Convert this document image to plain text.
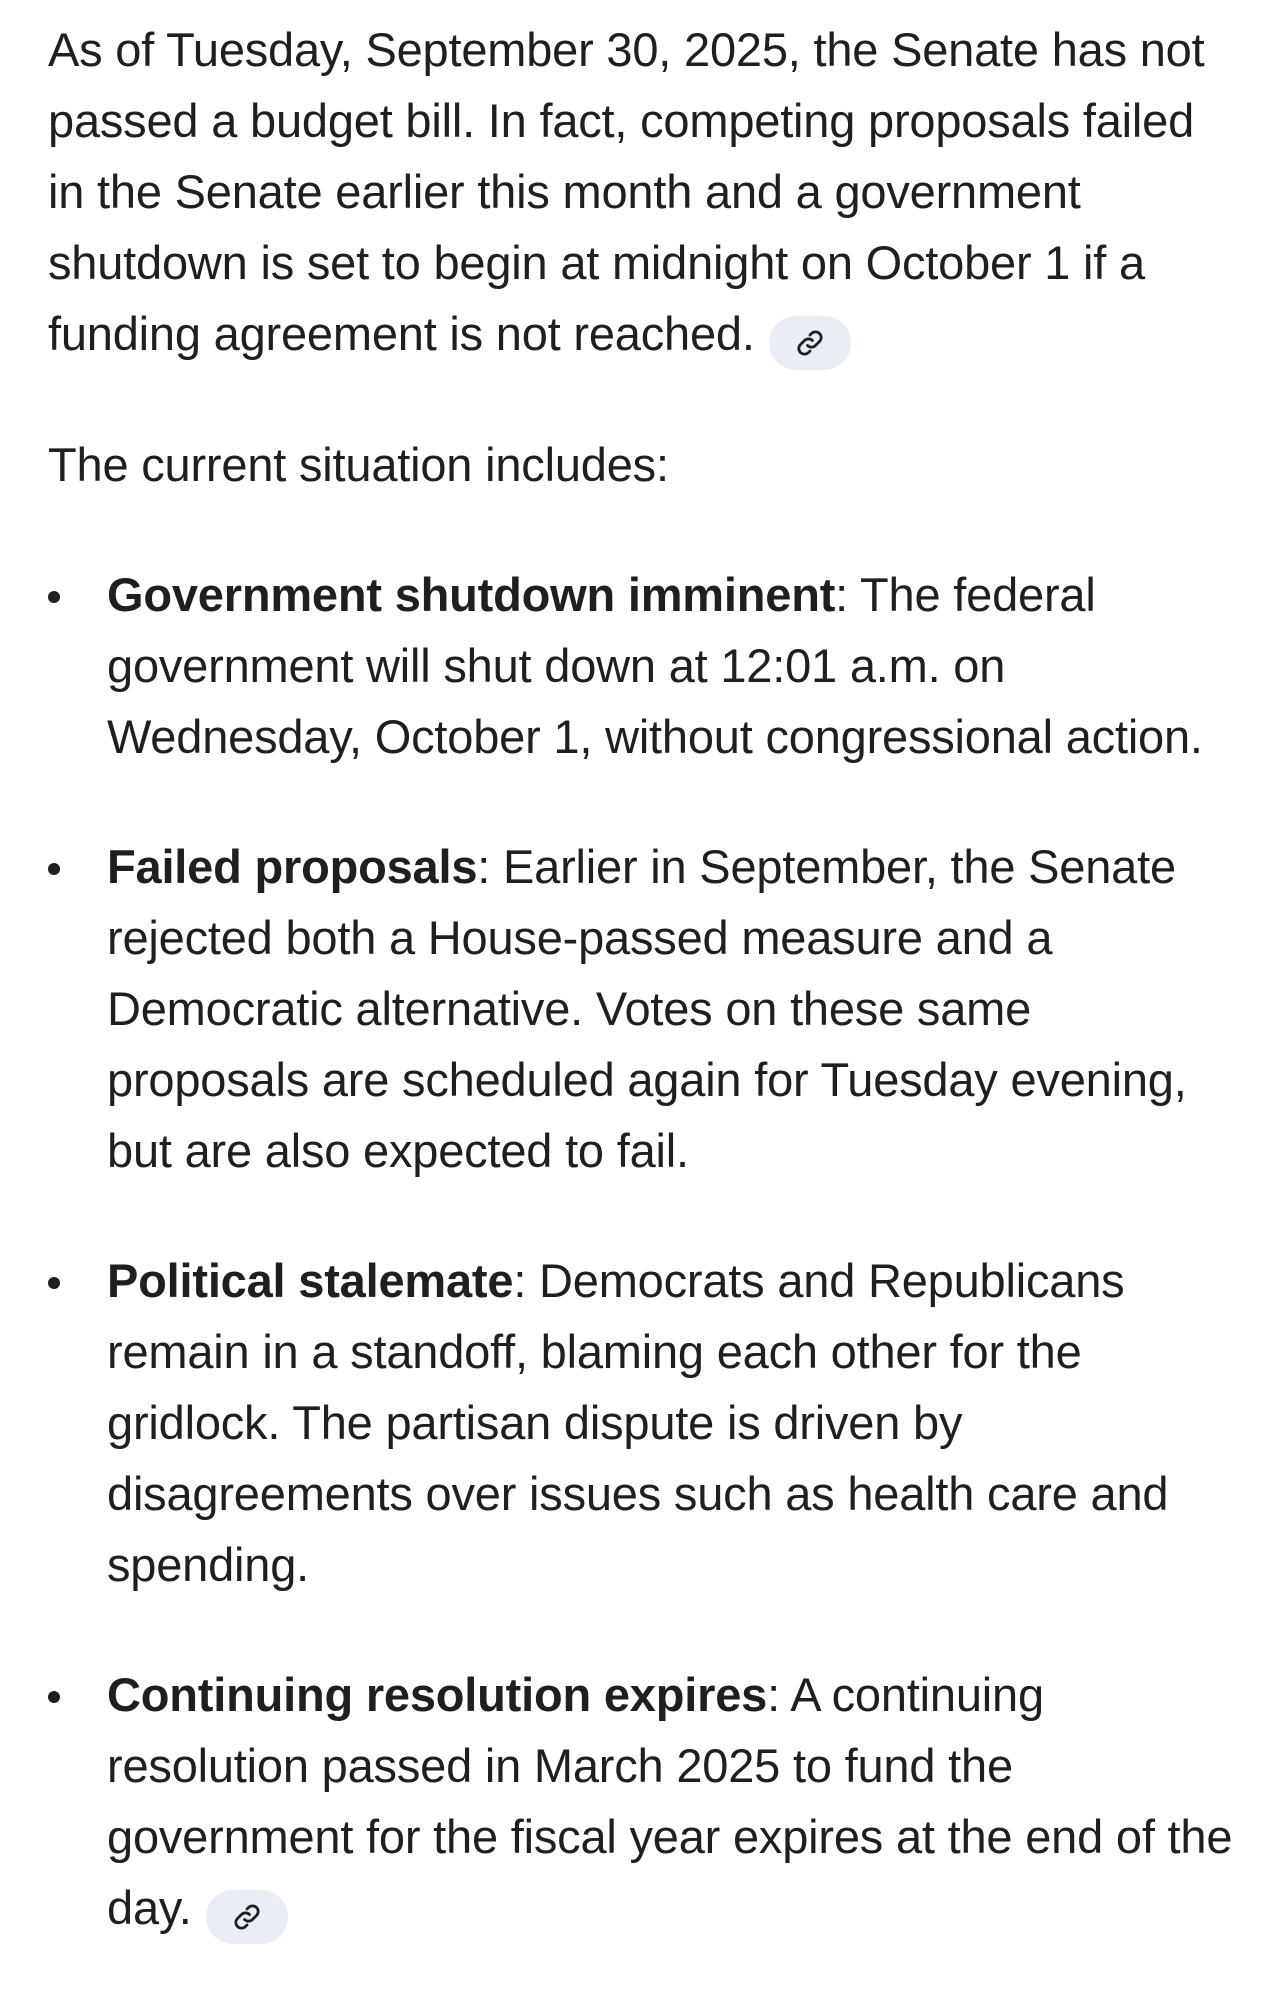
As of Tuesday, September 30, 2025, the Senate has not passed a budget bill. In fact, competing proposals failed in the Senate earlier this month and a government shutdown is set to begin at midnight on October 1 if a funding agreement is not reached.

The current situation includes:

Government shutdown imminent: The federal government will shut down at 12:01 a.m. on Wednesday, October 1, without congressional action.
Failed proposals: Earlier in September, the Senate rejected both a House-passed measure and a Democratic alternative. Votes on these same proposals are scheduled again for Tuesday evening, but are also expected to fail.
Political stalemate: Democrats and Republicans remain in a standoff, blaming each other for the gridlock. The partisan dispute is driven by disagreements over issues such as health care and spending.
Continuing resolution expires: A continuing resolution passed in March 2025 to fund the government for the fiscal year expires at the end of the day.
